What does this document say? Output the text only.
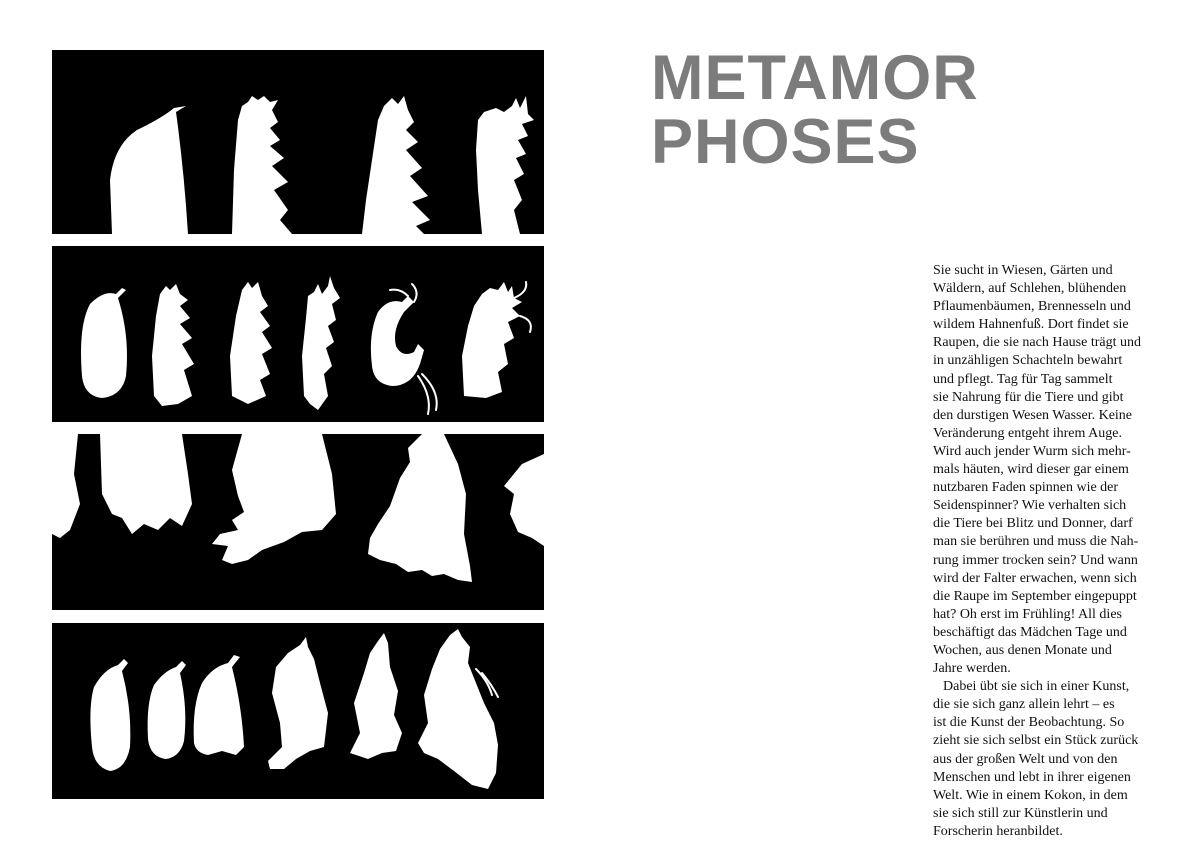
METAMOR
PHOSES
Sie sucht in Wiesen, Gärten und
Wäldern, auf Schlehen, blühenden
Pflaumenbäumen, Brennesseln und
wildem Hahnenfuß. Dort findet sie
Raupen, die sie nach Hause trägt und
in unzähligen Schachteln bewahrt
und pflegt. Tag für Tag sammelt
sie Nahrung für die Tiere und gibt
den durstigen Wesen Wasser. Keine
Veränderung entgeht ihrem Auge.
Wird auch jender Wurm sich mehr-
mals häuten, wird dieser gar einem
nutzbaren Faden spinnen wie der
Seidenspinner? Wie verhalten sich
die Tiere bei Blitz und Donner, darf
man sie berühren und muss die Nah-
rung immer trocken sein? Und wann
wird der Falter erwachen, wenn sich
die Raupe im September eingepuppt
hat? Oh erst im Frühling! All dies
beschäftigt das Mädchen Tage und
Wochen, aus denen Monate und
Jahre werden.
Dabei übt sie sich in einer Kunst,
die sie sich ganz allein lehrt – es
ist die Kunst der Beobachtung. So
zieht sie sich selbst ein Stück zurück
aus der großen Welt und von den
Menschen und lebt in ihrer eigenen
Welt. Wie in einem Kokon, in dem
sie sich still zur Künstlerin und
Forscherin heranbildet.
